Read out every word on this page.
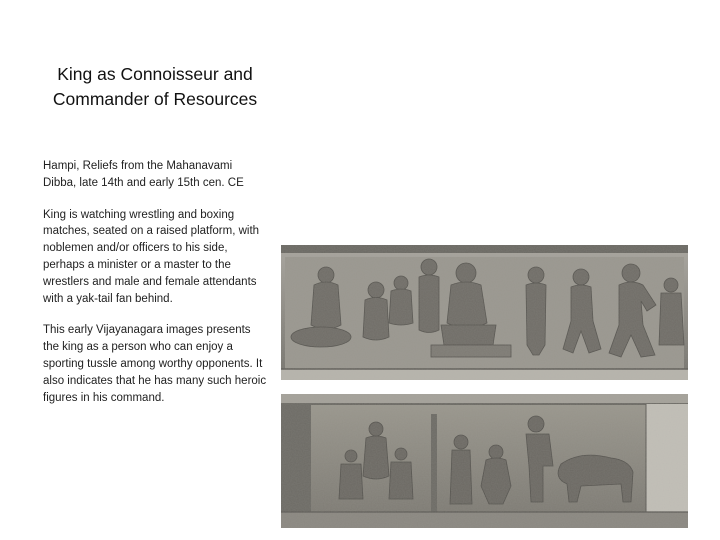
King as Connoisseur and Commander of Resources

Hampi, Reliefs from the Mahanavami Dibba, late 14th and early 15th cen. CE

King is watching wrestling and boxing matches, seated on a raised platform, with noblemen and/or officers to his side, perhaps a minister or a master to the wrestlers and male and female attendants with a yak-tail fan behind.

This early Vijayanagara images presents the king as a person who can enjoy a sporting tussle among worthy opponents. It also indicates that he has many such heroic figures in his command.
